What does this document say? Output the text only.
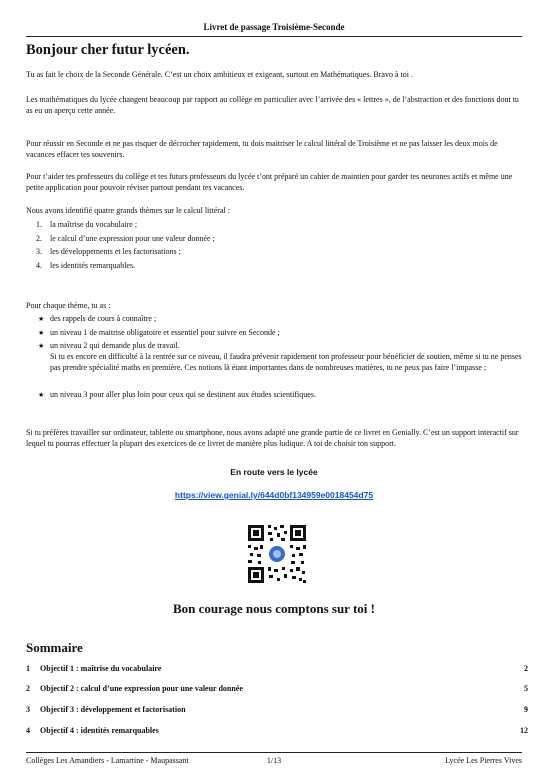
Livret de passage Troisième-Seconde
Bonjour cher futur lycéen.

Tu as fait le choix de la Seconde Générale. C’est un choix ambitieux et exigeant, surtout en Mathématiques. Bravo à toi .

Les mathématiques du lycée changent beaucoup par rapport au collège en particulier avec l’arrivée des « lettres », de l’abstraction et des fonctions dont tu as eu un aperçu cette année.

Pour réussir en Seconde et ne pas risquer de décrocher rapidement, tu dois maitriser le calcul littéral de Troisième et ne pas laisser les deux mois de vacances effacer tes souvenirs.

Pour t’aider tes professeurs du collège et tes futurs professeurs du lycée t’ont préparé un cahier de maintien pour garder tes neurones actifs et même une petite application pour pouvoir réviser partout pendant tes vacances.

Nous avons identifié quatre grands thèmes sur le calcul littéral :

1. la maîtrise du vocabulaire ;
2. le calcul d’une expression pour une valeur donnée ;
3. les développements et les factorisations ;
4. les identités remarquables.

Pour chaque thème, tu as :

★ des rappels de cours à connaître ;
★ un niveau 1 de maitrise obligatoire et essentiel pour suivre en Seconde ;
★ un niveau 2 qui demande plus de travail.
Si tu es encore en difficulté à la rentrée sur ce niveau, il faudra prévenir rapidement ton professeur pour bénéficier de soutien, même si tu ne penses pas prendre spécialité maths en première. Ces notions là étant importantes dans de nombreuses matières, tu ne peux pas faire l’impasse ;
★ un niveau 3 pour aller plus loin pour ceux qui se destinent aux études scientifiques.

Si tu préfères travailler sur ordinateur, tablette ou smartphone, nous avons adapté une grande partie de ce livret en Genially. C’est un support interactif sur lequel tu pourras effectuer la plupart des exercices de ce livret de manière plus ludique. A toi de choisir ton support.

En route vers le lycée
https://view.genial.ly/644d0bf134959e0018454d75
Bon courage nous comptons sur toi !
Sommaire
1 Objectif 1 : maîtrise du vocabulaire	2
2 Objectif 2 : calcul d’une expression pour une valeur donnée	5
3 Objectif 3 : développement et factorisation	9
4 Objectif 4 : identités remarquables	12
Collèges Les Amandiers - Lamartine - Maupassant	1/13	Lycée Les Pierres Vives
